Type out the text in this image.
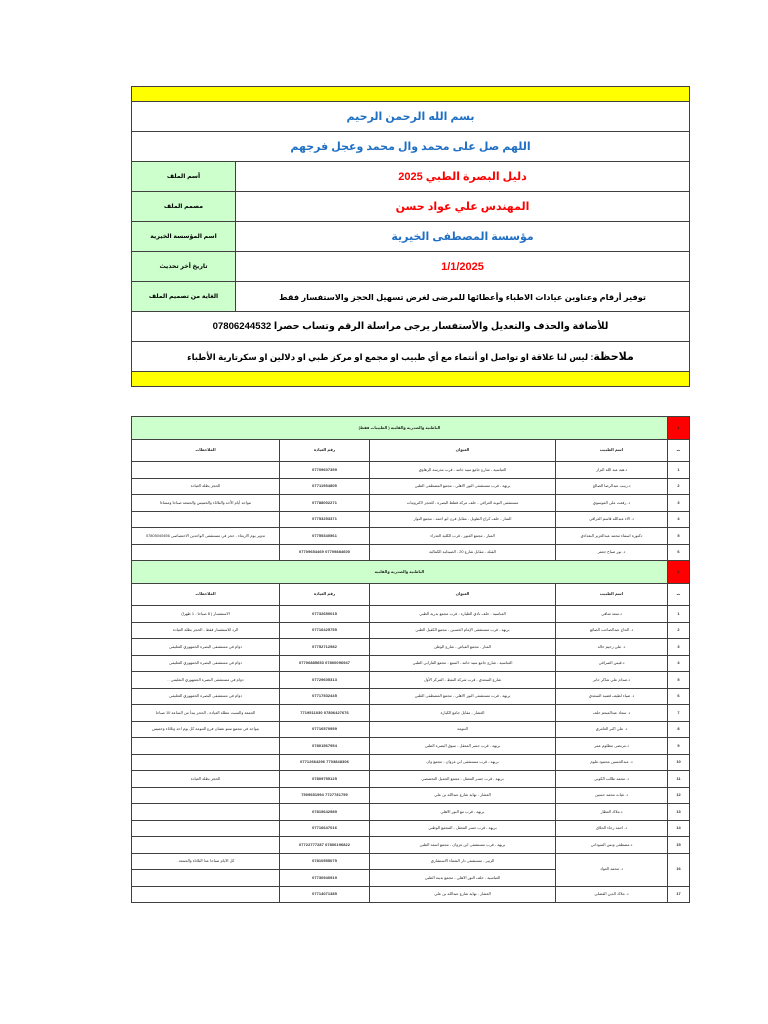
بسم الله الرحمن الرحيم	
اللهم صل على محمد وال محمد وعجل فرجهم	
دليل البصرة الطبي 2025	أسم الملف
المهندس علي عواد حسن	مصمم الملف
مؤسسة المصطفى الخيرية	اسم المؤسسة الخيرية
1/1/2025	تاريخ أخر تحديث
توفير أرقام وعناوين عيادات الاطباء وأعطائها للمرضى لغرض تسهيل الحجز والاستفسار فقط	الغاية من تصميم الملف
للأضافة والحذف والتعديل والأستفسار يرجى مراسلة الرقم وتساب حصرا 07806244532	
ملاحظة: ليس لنا علاقة او تواصل او أنتماء مع أي طبيب او مجمع او مركز طبي او دلالين او سكرتارية الأطباء	

1	الباطنية والصدرية والقلبية ( الطبيبات فقط)			
ت	اسم الطبيب	العنوان	رقم العيادة	الملاحظات
1	د.هبة عبد الله البزاز	العباسية - شارع جامع سيد حامد - قرب مدرسة الزهاوي	07709607359	
2	د.زينب عبدالرضا الصالح	بريهة - قرب مستشفى النور الاهلي - مجمع المصطفى الطبي	07711954805	الحجز بطلة العيادة
3	د. رفعت علي الموسوي	مستشفى النونة العراقي - خلف مركة قطط البصرة - للحجز لاكترونيات	07788002271	تتواجد أيام الأحد والثلاثاء والخميس والجمعة صباحا ومساءا
4	د. الاء عبدالله قاسم العراقي	المنار - خلف كراج الطويل - مقابل فرن ابو احمد - مجمع النوار	07753253371	
5	دكتورة اسماء محمد عبدالعزيز البغدادي	المنار - مجمع العبور - قرب الكلية العذراء	07755340561	تدوير يوم الاربعاء - حجز في مستشفى الواحدين الاختصاصي 07805040456
6	د. نور صباح جعفر	القبلة - مقابل شارع 20 - الصيدلية الكمالية	07709884600 07709654469	
2	الباطنية والصدرية والقلبية			
ت	اسم الطبيب	العنوان	رقم العيادة	الملاحظات
1	د.سعد شافي	العباسية - خلف نادي الطيارة - قرب مجمع بدرية الطبي	07732650015	الاستفسار ( 8 صباحا - 1 ظهرا)
2	د. الحاج عبدالصاحب الصائغ	بريهة - قرب مستشفى الإمام الحسين - مجمع الكفيل الطبي	07716425755	الرد للاستفسار فقط - الحجز بطلة العيادة
3	د. علي رحيم خالد	المنار - مجمع الفياض - شارع الوطن	07752712982	دوام في مستشفى البصرة الجمهوري التعليمي
4	د.قيس الصرافي	العباسية - شارع جامع سيد حامد - السبع - مجمع الفارابي الطبي	07800096947 07706885653	دوام في مستشفى البصرة الجمهوري التعليمي
5	د.صدام علي شاكر جابر	شارع السعدي - قرب شركة النفط - المركز الأول	07729605313	دوام في مستشفى البصرة الجمهوري التعليمي ..
6	د. ضياء لطيف قضية السعدي	بريهة - قرب مستشفى النور الاهلي - مجمع المصطفى الطبي	07717532445	دوام في مستشفى البصرة الجمهوري التعليمي
7	د. سعاد عبدالمنعم خلف	العشار - مقابل جامع الكيارة	07806427676 7719511030	الجمعة والسبت عطلة العيادة - الحجز يبدأ من الساعة 10 صباحا
8	د. علي اكبر العامري	التنومة	07716570959	يتواجد في مجمع ستو عشان فرع التنومة كل يوم احد وثلاثاء وخميس
9	د.مرتضى مظلوم عمر	بريهة - قرب جسر المعقل - سوق البصرة الطبي	07801567954	
10	د. عبدالحسين محمود غلوم	بريهة - قرب مستشفى ابن غزوان - مجمع وان	7703848306 07712664296	
11	د. محمد طالب الكوبي	بريهة - قرب جسر المعقل - مجمع الجميل التخصصي	07809755125	الحجز بطلة العيادة
12	د. غياث محمد حسين	العشار - نهاية شارع عبدالله بن علي	7727781759 7509651994	
13	د.ملاك العطار	بريهة - قرب مع النور الاهلي	07815642989	
14	د. احمد رجاء الحلاق	بريهة - قرب جسر المعقل - المجمع الوطني	07716647016	
15	د.مصطفى ونس السوداني	بريهة - قرب مستشفى ابن غزوان - مجمع اسعد الطبي	07806196822 07722777287	
16	د. محمد العواد	الزبير - مستشفى دار الشفاء الاستشاري	07810555075	كل الايام صباحا عدا الثلاثاء والجمعة .
		العباسية - خلف النور الاهلي - مجمع بدينة الطبي	07730940919	
17	د. ملاك الدين الفضلي	العشار - نهاية شارع عبدالله بن علي	07714071385	
